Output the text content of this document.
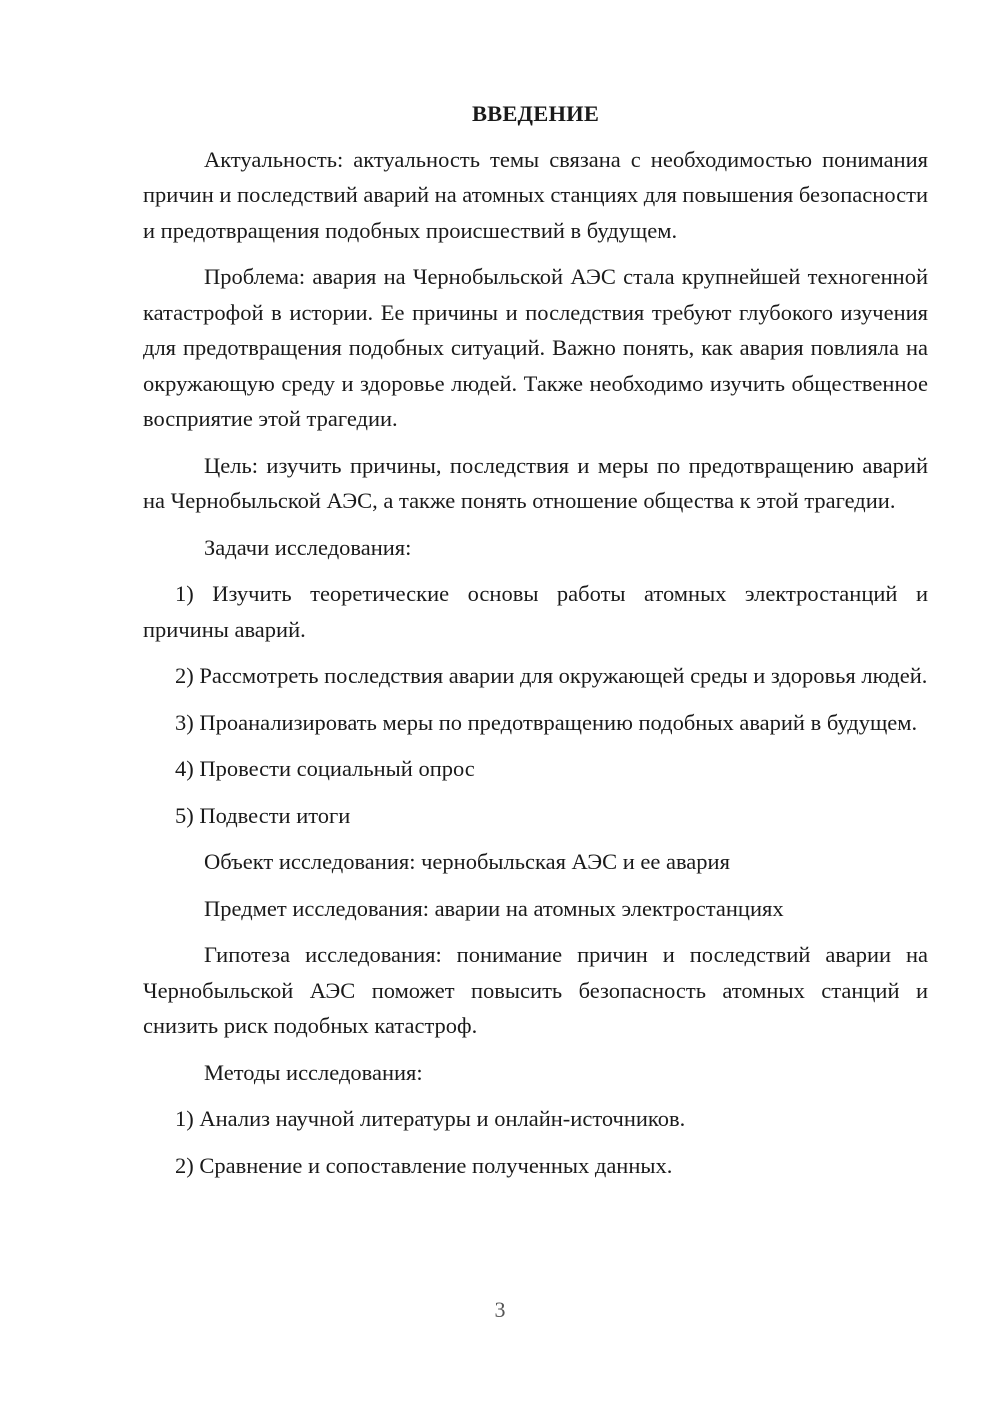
ВВЕДЕНИЕ

Актуальность: актуальность темы связана с необходимостью понимания причин и последствий аварий на атомных станциях для повышения безопасности и предотвращения подобных происшествий в будущем.

Проблема: авария на Чернобыльской АЭС стала крупнейшей техногенной катастрофой в истории. Ее причины и последствия требуют глубокого изучения для предотвращения подобных ситуаций. Важно понять, как авария повлияла на окружающую среду и здоровье людей. Также необходимо изучить общественное восприятие этой трагедии.

Цель: изучить причины, последствия и меры по предотвращению аварий на Чернобыльской АЭС, а также понять отношение общества к этой трагедии.

Задачи исследования:

1) Изучить теоретические основы работы атомных электростанций и причины аварий.

2) Рассмотреть последствия аварии для окружающей среды и здоровья людей.

3) Проанализировать меры по предотвращению подобных аварий в будущем.

4) Провести социальный опрос

5) Подвести итоги

Объект исследования: чернобыльская АЭС и ее авария

Предмет исследования: аварии на атомных электростанциях

Гипотеза исследования: понимание причин и последствий аварии на Чернобыльской АЭС поможет повысить безопасность атомных станций и снизить риск подобных катастроф.

Методы исследования:

1) Анализ научной литературы и онлайн-источников.

2) Сравнение и сопоставление полученных данных.

3
